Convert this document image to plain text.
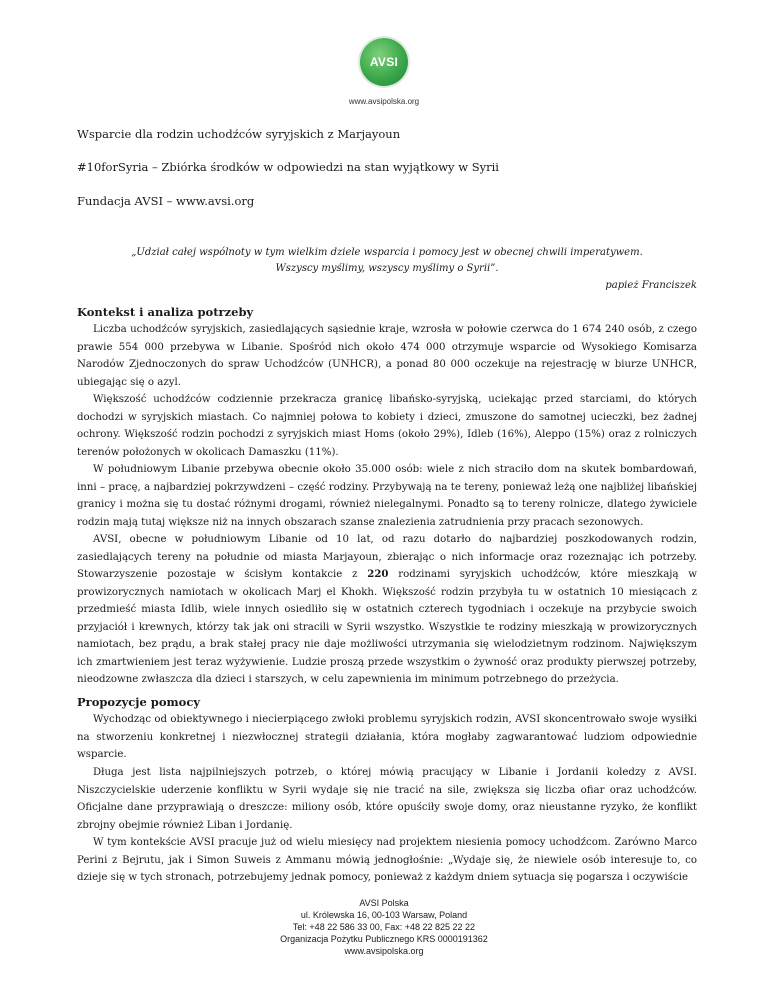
AVSI
www.avsipolska.org
Wsparcie dla rodzin uchodźców syryjskich z Marjayoun
#10forSyria – Zbiórka środków w odpowiedzi na stan wyjątkowy w Syrii
Fundacja AVSI – www.avsi.org
„Udział całej wspólnoty w tym wielkim dziele wsparcia i pomocy jest w obecnej chwili imperatywem.
Wszyscy myślimy, wszyscy myślimy o Syrii”.
papież Franciszek
Kontekst i analiza potrzeby
Liczba uchodźców syryjskich, zasiedlających sąsiednie kraje, wzrosła w połowie czerwca do 1 674 240 osób, z czego prawie 554 000 przebywa w Libanie. Spośród nich około 474 000 otrzymuje wsparcie od Wysokiego Komisarza Narodów Zjednoczonych do spraw Uchodźców (UNHCR), a ponad 80 000 oczekuje na rejestrację w biurze UNHCR, ubiegając się o azyl.
Większość uchodźców codziennie przekracza granicę libańsko-syryjską, uciekając przed starciami, do których dochodzi w syryjskich miastach. Co najmniej połowa to kobiety i dzieci, zmuszone do samotnej ucieczki, bez żadnej ochrony. Większość rodzin pochodzi z syryjskich miast Homs (około 29%), Idleb (16%), Aleppo (15%) oraz z rolniczych terenów położonych w okolicach Damaszku (11%).
W południowym Libanie przebywa obecnie około 35.000 osób: wiele z nich straciło dom na skutek bombardowań, inni – pracę, a najbardziej pokrzywdzeni – część rodziny. Przybywają na te tereny, ponieważ leżą one najbliżej libańskiej granicy i można się tu dostać różnymi drogami, również nielegalnymi. Ponadto są to tereny rolnicze, dlatego żywiciele rodzin mają tutaj większe niż na innych obszarach szanse znalezienia zatrudnienia przy pracach sezonowych.
AVSI, obecne w południowym Libanie od 10 lat, od razu dotarło do najbardziej poszkodowanych rodzin, zasiedlających tereny na południe od miasta Marjayoun, zbierając o nich informacje oraz rozeznając ich potrzeby. Stowarzyszenie pozostaje w ścisłym kontakcie z 220 rodzinami syryjskich uchodźców, które mieszkają w prowizorycznych namiotach w okolicach Marj el Khokh. Większość rodzin przybyła tu w ostatnich 10 miesiącach z przedmieść miasta Idlib, wiele innych osiedliło się w ostatnich czterech tygodniach i oczekuje na przybycie swoich przyjaciół i krewnych, którzy tak jak oni stracili w Syrii wszystko. Wszystkie te rodziny mieszkają w prowizorycznych namiotach, bez prądu, a brak stałej pracy nie daje możliwości utrzymania się wielodzietnym rodzinom. Największym ich zmartwieniem jest teraz wyżywienie. Ludzie proszą przede wszystkim o żywność oraz produkty pierwszej potrzeby, nieodzowne zwłaszcza dla dzieci i starszych, w celu zapewnienia im minimum potrzebnego do przeżycia.
Propozycje pomocy
Wychodząc od obiektywnego i niecierpiącego zwłoki problemu syryjskich rodzin, AVSI skoncentrowało swoje wysiłki na stworzeniu konkretnej i niezwłocznej strategii działania, która mogłaby zagwarantować ludziom odpowiednie wsparcie.
Długa jest lista najpilniejszych potrzeb, o której mówią pracujący w Libanie i Jordanii koledzy z AVSI. Niszczycielskie uderzenie konfliktu w Syrii wydaje się nie tracić na sile, zwiększa się liczba ofiar oraz uchodźców. Oficjalne dane przyprawiają o dreszcze: miliony osób, które opuściły swoje domy, oraz nieustanne ryzyko, że konflikt zbrojny obejmie również Liban i Jordanię.
W tym kontekście AVSI pracuje już od wielu miesięcy nad projektem niesienia pomocy uchodźcom. Zarówno Marco Perini z Bejrutu, jak i Simon Suweis z Ammanu mówią jednogłośnie: „Wydaje się, że niewiele osób interesuje to, co dzieje się w tych stronach, potrzebujemy jednak pomocy, ponieważ z każdym dniem sytuacja się pogarsza i oczywiście
AVSI Polska
ul. Królewska 16, 00-103 Warsaw, Poland
Tel: +48 22 586 33 00, Fax: +48 22 825 22 22
Organizacja Pożytku Publicznego KRS 0000191362
www.avsipolska.org
